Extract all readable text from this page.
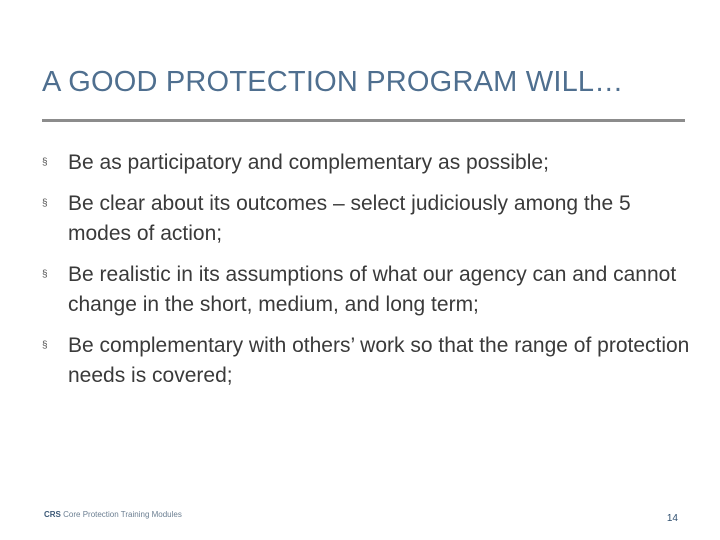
A GOOD PROTECTION PROGRAM WILL…
§ Be as participatory and complementary as possible;
§ Be clear about its outcomes – select judiciously among the 5 modes of action;
§ Be realistic in its assumptions of what our agency can and cannot change in the short, medium, and long term;
§ Be complementary with others’ work so that the range of protection needs is covered;
CRS Core Protection Training Modules	14
